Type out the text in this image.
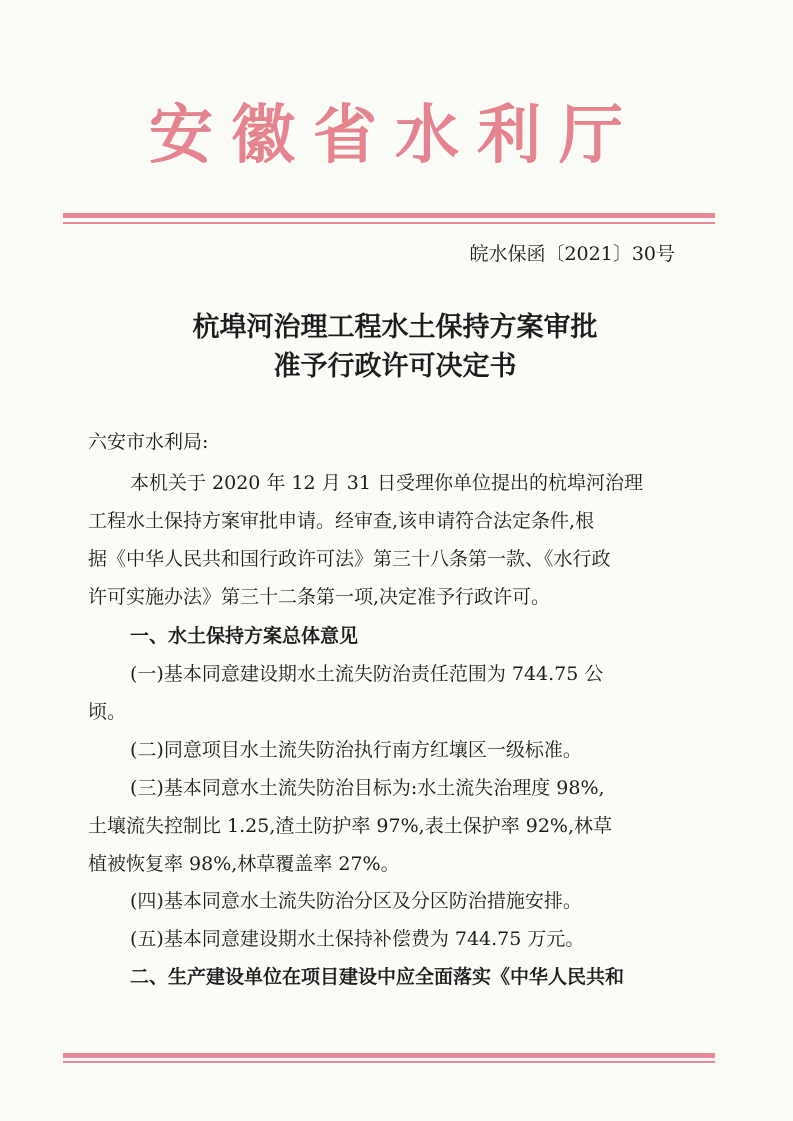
安徽省水利厅
皖水保函〔2021〕30号
杭埠河治理工程水土保持方案审批
准予行政许可决定书
六安市水利局:
本机关于 2020 年 12 月 31 日受理你单位提出的杭埠河治理
工程水土保持方案审批申请。经审查,该申请符合法定条件,根
据《中华人民共和国行政许可法》第三十八条第一款、《水行政
许可实施办法》第三十二条第一项,决定准予行政许可。
一、水土保持方案总体意见
(一)基本同意建设期水土流失防治责任范围为 744.75 公
顷。
(二)同意项目水土流失防治执行南方红壤区一级标准。
(三)基本同意水土流失防治目标为:水土流失治理度 98%,
土壤流失控制比 1.25,渣土防护率 97%,表土保护率 92%,林草
植被恢复率 98%,林草覆盖率 27%。
(四)基本同意水土流失防治分区及分区防治措施安排。
(五)基本同意建设期水土保持补偿费为 744.75 万元。
二、生产建设单位在项目建设中应全面落实《中华人民共和
